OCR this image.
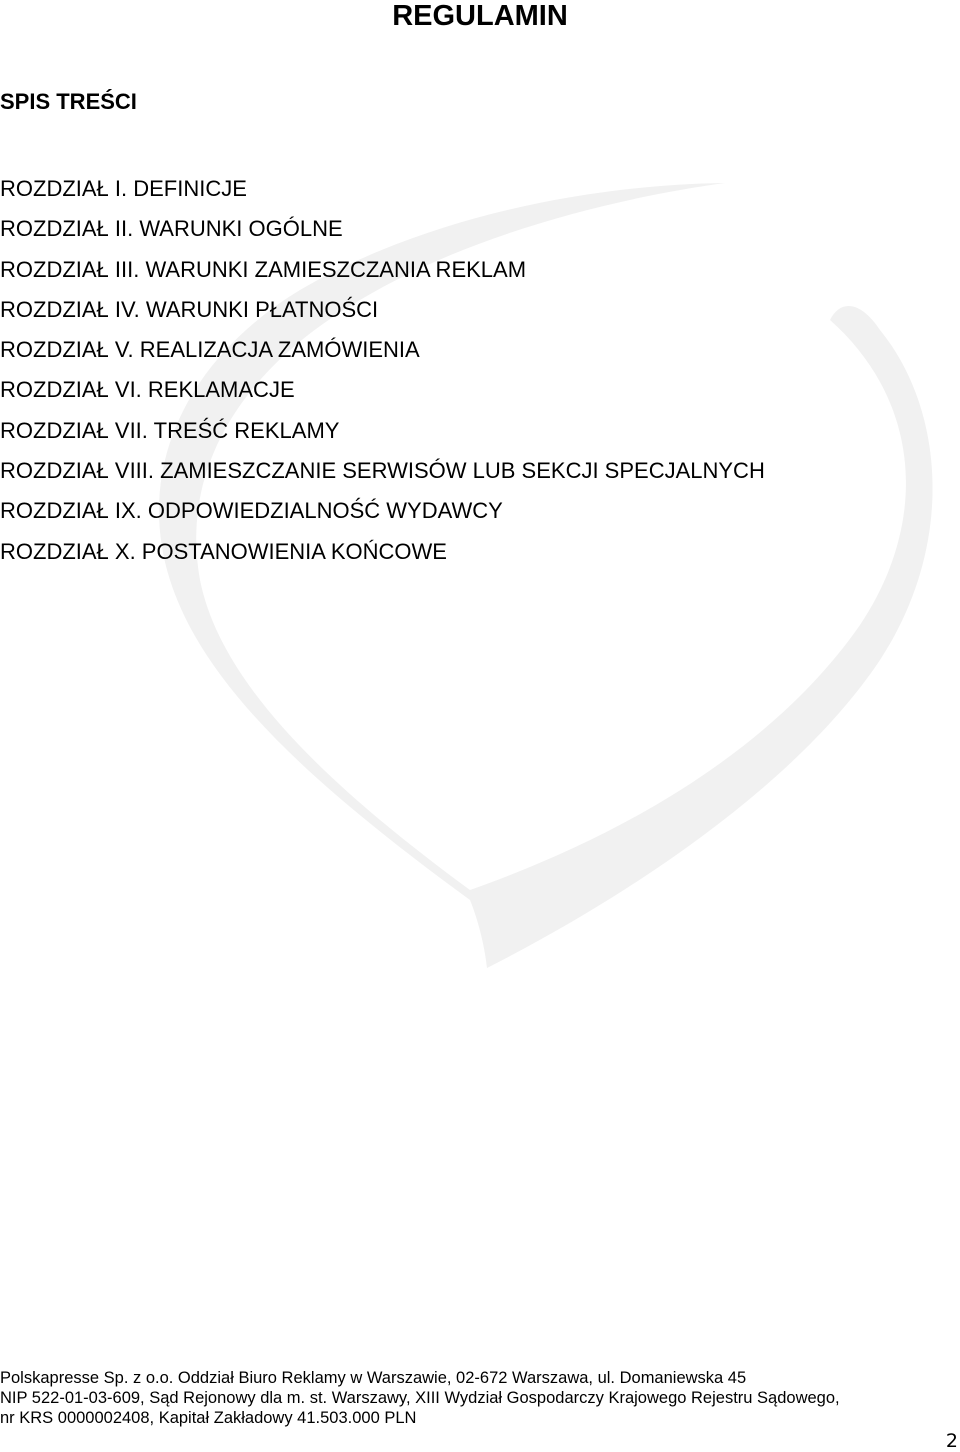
REGULAMIN
SPIS TREŚCI
ROZDZIAŁ I. DEFINICJE
ROZDZIAŁ II. WARUNKI OGÓLNE
ROZDZIAŁ III. WARUNKI ZAMIESZCZANIA REKLAM
ROZDZIAŁ IV. WARUNKI PŁATNOŚCI
ROZDZIAŁ V. REALIZACJA ZAMÓWIENIA
ROZDZIAŁ VI. REKLAMACJE
ROZDZIAŁ VII. TREŚĆ REKLAMY
ROZDZIAŁ VIII. ZAMIESZCZANIE SERWISÓW LUB SEKCJI SPECJALNYCH
ROZDZIAŁ IX. ODPOWIEDZIALNOŚĆ WYDAWCY
ROZDZIAŁ X. POSTANOWIENIA KOŃCOWE
Polskapresse Sp. z o.o. Oddział Biuro Reklamy w Warszawie, 02-672 Warszawa, ul. Domaniewska 45
NIP 522-01-03-609, Sąd Rejonowy dla m. st. Warszawy, XIII Wydział Gospodarczy Krajowego Rejestru Sądowego,
nr KRS 0000002408, Kapitał Zakładowy 41.503.000 PLN
2
